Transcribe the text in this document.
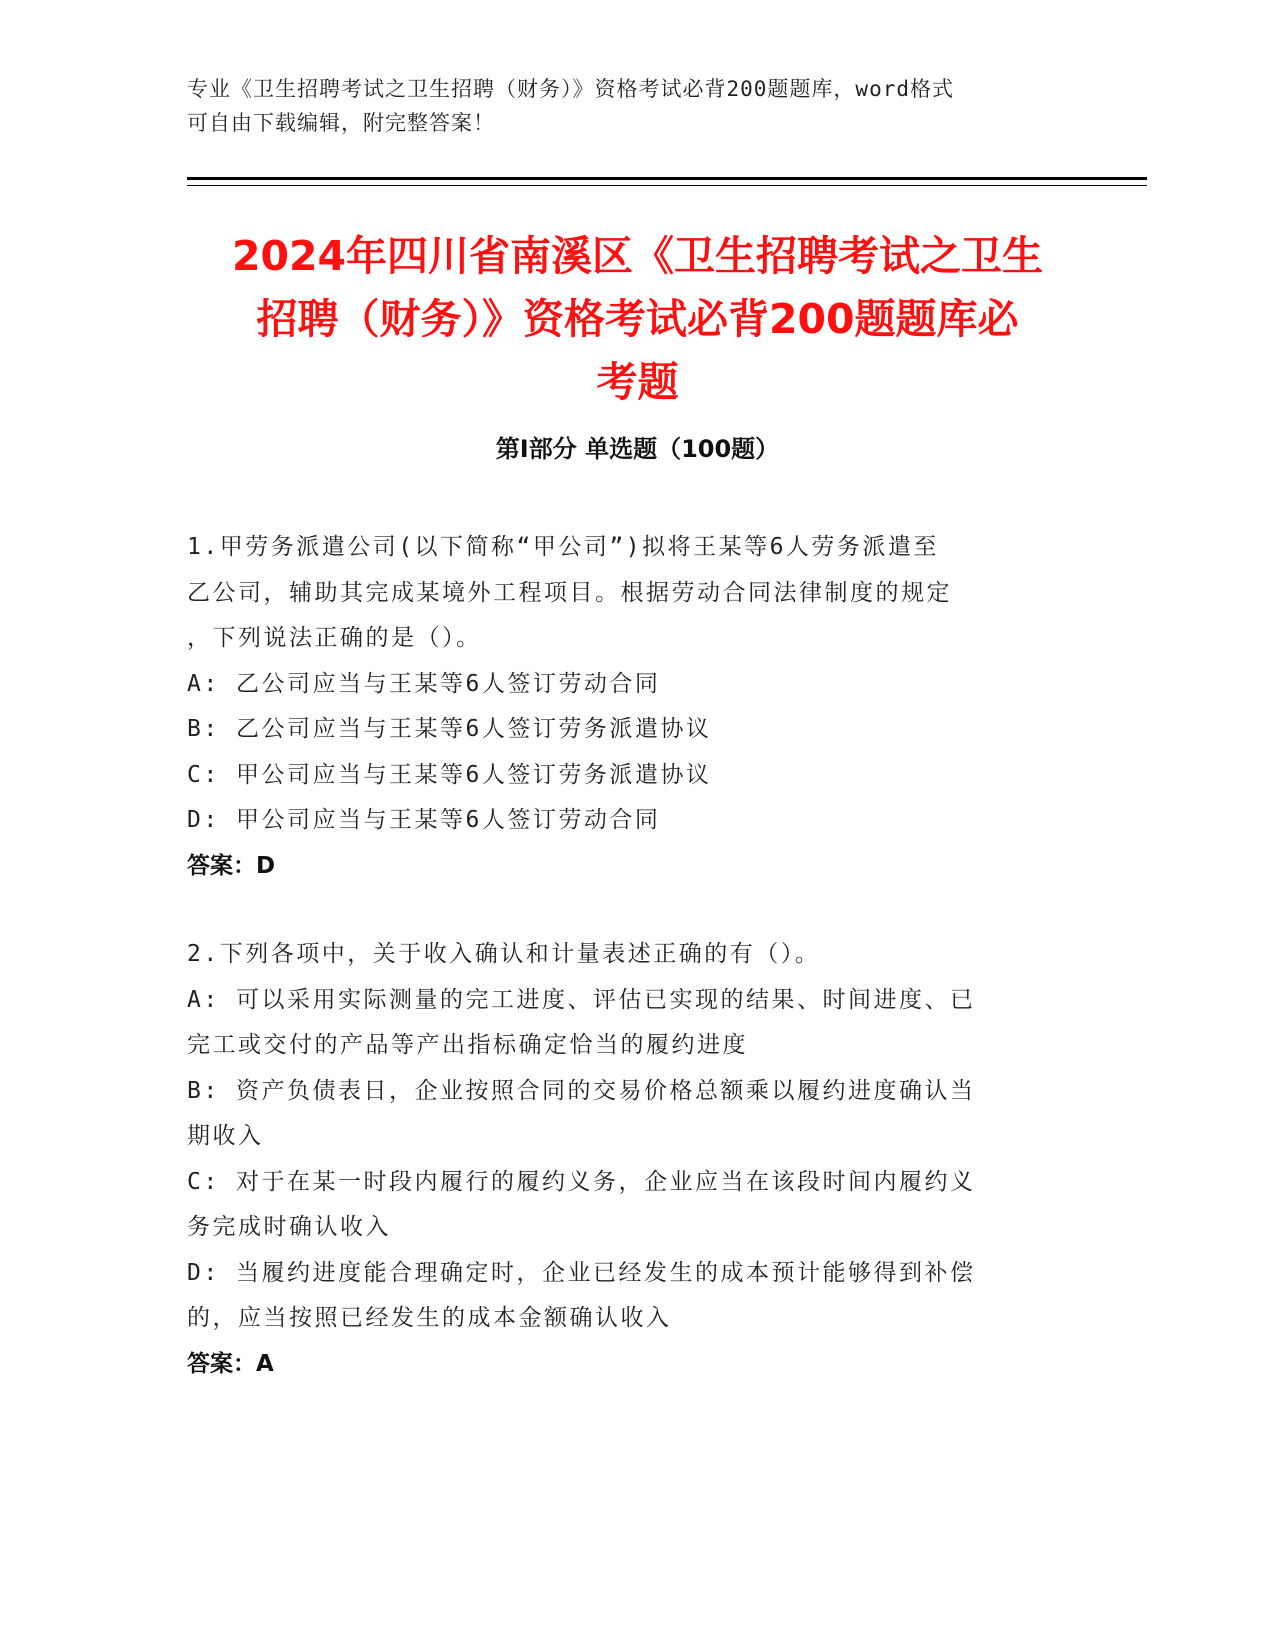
专业《卫生招聘考试之卫生招聘（财务）》资格考试必背200题题库，word格式
可自由下载编辑，附完整答案！
2024年四川省南溪区《卫生招聘考试之卫生
招聘（财务）》资格考试必背200题题库必
考题
第Ⅰ部分 单选题（100题）

1.甲劳务派遣公司(以下简称“甲公司”)拟将王某等6人劳务派遣至

乙公司，辅助其完成某境外工程项目。根据劳动合同法律制度的规定

，下列说法正确的是（）。

A: 乙公司应当与王某等6人签订劳动合同

B: 乙公司应当与王某等6人签订劳务派遣协议

C: 甲公司应当与王某等6人签订劳务派遣协议

D: 甲公司应当与王某等6人签订劳动合同

答案：D

2.下列各项中，关于收入确认和计量表述正确的有（）。

A: 可以采用实际测量的完工进度、评估已实现的结果、时间进度、已

完工或交付的产品等产出指标确定恰当的履约进度

B: 资产负债表日，企业按照合同的交易价格总额乘以履约进度确认当

期收入

C: 对于在某一时段内履行的履约义务，企业应当在该段时间内履约义

务完成时确认收入

D: 当履约进度能合理确定时，企业已经发生的成本预计能够得到补偿

的，应当按照已经发生的成本金额确认收入

答案：A
